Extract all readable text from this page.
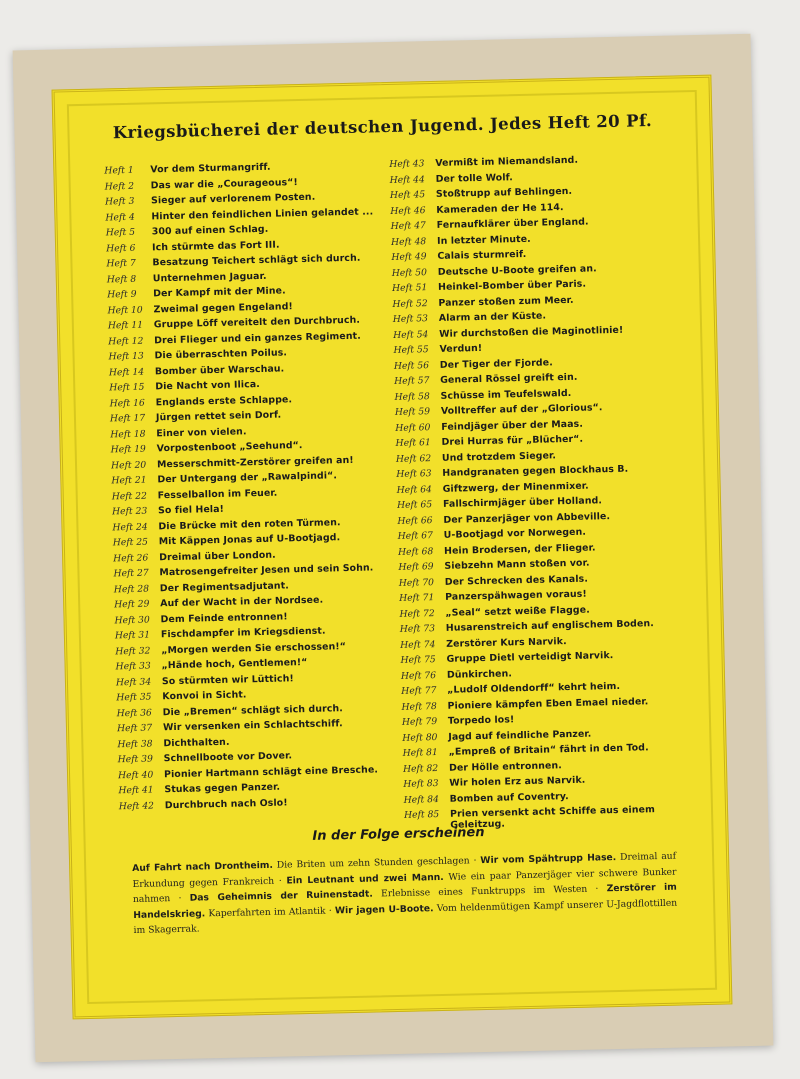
Kriegsbücherei der deutschen Jugend. Jedes Heft 20 Pf.
Heft 1	Vor dem Sturmangriff.
Heft 2	Das war die „Courageous“!
Heft 3	Sieger auf verlorenem Posten.
Heft 4	Hinter den feindlichen Linien gelandet ...
Heft 5	300 auf einen Schlag.
Heft 6	Ich stürmte das Fort III.
Heft 7	Besatzung Teichert schlägt sich durch.
Heft 8	Unternehmen Jaguar.
Heft 9	Der Kampf mit der Mine.
Heft 10	Zweimal gegen Engeland!
Heft 11	Gruppe Löff vereitelt den Durchbruch.
Heft 12	Drei Flieger und ein ganzes Regiment.
Heft 13	Die überraschten Poilus.
Heft 14	Bomber über Warschau.
Heft 15	Die Nacht von Ilica.
Heft 16	Englands erste Schlappe.
Heft 17	Jürgen rettet sein Dorf.
Heft 18	Einer von vielen.
Heft 19	Vorpostenboot „Seehund“.
Heft 20	Messerschmitt-Zerstörer greifen an!
Heft 21	Der Untergang der „Rawalpindi“.
Heft 22	Fesselballon im Feuer.
Heft 23	So fiel Hela!
Heft 24	Die Brücke mit den roten Türmen.
Heft 25	Mit Käppen Jonas auf U-Bootjagd.
Heft 26	Dreimal über London.
Heft 27	Matrosengefreiter Jesen und sein Sohn.
Heft 28	Der Regimentsadjutant.
Heft 29	Auf der Wacht in der Nordsee.
Heft 30	Dem Feinde entronnen!
Heft 31	Fischdampfer im Kriegsdienst.
Heft 32	„Morgen werden Sie erschossen!“
Heft 33	„Hände hoch, Gentlemen!“
Heft 34	So stürmten wir Lüttich!
Heft 35	Konvoi in Sicht.
Heft 36	Die „Bremen“ schlägt sich durch.
Heft 37	Wir versenken ein Schlachtschiff.
Heft 38	Dichthalten.
Heft 39	Schnellboote vor Dover.
Heft 40	Pionier Hartmann schlägt eine Bresche.
Heft 41	Stukas gegen Panzer.
Heft 42	Durchbruch nach Oslo!
Heft 43	Vermißt im Niemandsland.
Heft 44	Der tolle Wolf.
Heft 45	Stoßtrupp auf Behlingen.
Heft 46	Kameraden der He 114.
Heft 47	Fernaufklärer über England.
Heft 48	In letzter Minute.
Heft 49	Calais sturmreif.
Heft 50	Deutsche U-Boote greifen an.
Heft 51	Heinkel-Bomber über Paris.
Heft 52	Panzer stoßen zum Meer.
Heft 53	Alarm an der Küste.
Heft 54	Wir durchstoßen die Maginotlinie!
Heft 55	Verdun!
Heft 56	Der Tiger der Fjorde.
Heft 57	General Rössel greift ein.
Heft 58	Schüsse im Teufelswald.
Heft 59	Volltreffer auf der „Glorious“.
Heft 60	Feindjäger über der Maas.
Heft 61	Drei Hurras für „Blücher“.
Heft 62	Und trotzdem Sieger.
Heft 63	Handgranaten gegen Blockhaus B.
Heft 64	Giftzwerg, der Minenmixer.
Heft 65	Fallschirmjäger über Holland.
Heft 66	Der Panzerjäger von Abbeville.
Heft 67	U-Bootjagd vor Norwegen.
Heft 68	Hein Brodersen, der Flieger.
Heft 69	Siebzehn Mann stoßen vor.
Heft 70	Der Schrecken des Kanals.
Heft 71	Panzerspähwagen voraus!
Heft 72	„Seal“ setzt weiße Flagge.
Heft 73	Husarenstreich auf englischem Boden.
Heft 74	Zerstörer Kurs Narvik.
Heft 75	Gruppe Dietl verteidigt Narvik.
Heft 76	Dünkirchen.
Heft 77	„Ludolf Oldendorff“ kehrt heim.
Heft 78	Pioniere kämpfen Eben Emael nieder.
Heft 79	Torpedo los!
Heft 80	Jagd auf feindliche Panzer.
Heft 81	„Empreß of Britain“ fährt in den Tod.
Heft 82	Der Hölle entronnen.
Heft 83	Wir holen Erz aus Narvik.
Heft 84	Bomben auf Coventry.
Heft 85	Prien versenkt acht Schiffe aus einem Geleitzug.
In der Folge erscheinen
Auf Fahrt nach Drontheim. Die Briten um zehn Stunden geschlagen · Wir vom Spähtrupp Hase. Dreimal auf Erkundung gegen Frankreich · Ein Leutnant und zwei Mann. Wie ein paar Panzerjäger vier schwere Bunker nahmen · Das Geheimnis der Ruinenstadt. Erlebnisse eines Funktrupps im Westen · Zerstörer im Handelskrieg. Kaperfahrten im Atlantik · Wir jagen U-Boote. Vom heldenmütigen Kampf unserer U-Jagdflottillen im Skagerrak.
